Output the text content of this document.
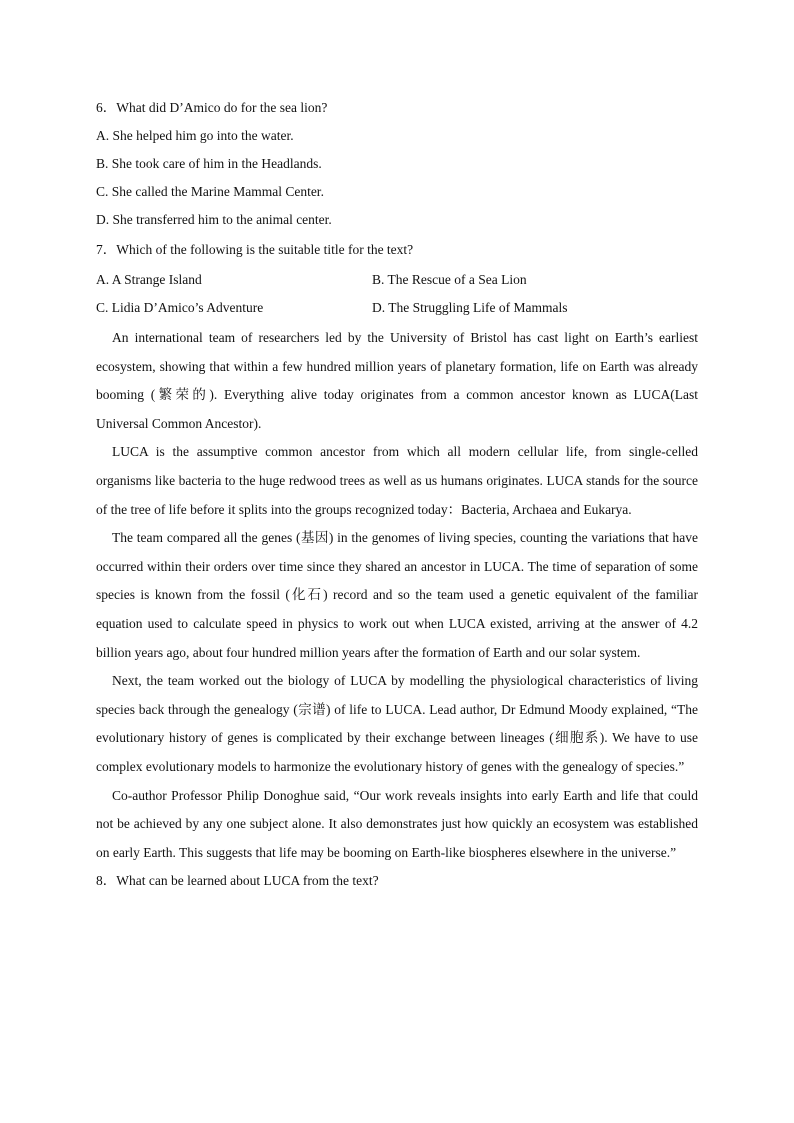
6．What did D’Amico do for the sea lion?
A. She helped him go into the water.
B. She took care of him in the Headlands.
C. She called the Marine Mammal Center.
D. She transferred him to the animal center.
7．Which of the following is the suitable title for the text?
A. A Strange Island	B. The Rescue of a Sea Lion
C. Lidia D’Amico’s Adventure	D. The Struggling Life of Mammals

An international team of researchers led by the University of Bristol has cast light on Earth’s earliest ecosystem, showing that within a few hundred million years of planetary formation, life on Earth was already booming (繁荣的). Everything alive today originates from a common ancestor known as LUCA(Last Universal Common Ancestor).

LUCA is the assumptive common ancestor from which all modern cellular life, from single-celled organisms like bacteria to the huge redwood trees as well as us humans originates. LUCA stands for the source of the tree of life before it splits into the groups recognized today：Bacteria, Archaea and Eukarya.

The team compared all the genes (基因) in the genomes of living species, counting the variations that have occurred within their orders over time since they shared an ancestor in LUCA. The time of separation of some species is known from the fossil (化石) record and so the team used a genetic equivalent of the familiar equation used to calculate speed in physics to work out when LUCA existed, arriving at the answer of 4.2 billion years ago, about four hundred million years after the formation of Earth and our solar system.

Next, the team worked out the biology of LUCA by modelling the physiological characteristics of living species back through the genealogy (宗谱) of life to LUCA. Lead author, Dr Edmund Moody explained, “The evolutionary history of genes is complicated by their exchange between lineages (细胞系). We have to use complex evolutionary models to harmonize the evolutionary history of genes with the genealogy of species.”

Co-author Professor Philip Donoghue said, “Our work reveals insights into early Earth and life that could not be achieved by any one subject alone. It also demonstrates just how quickly an ecosystem was established on early Earth. This suggests that life may be booming on Earth-like biospheres elsewhere in the universe.”

8．What can be learned about LUCA from the text?
